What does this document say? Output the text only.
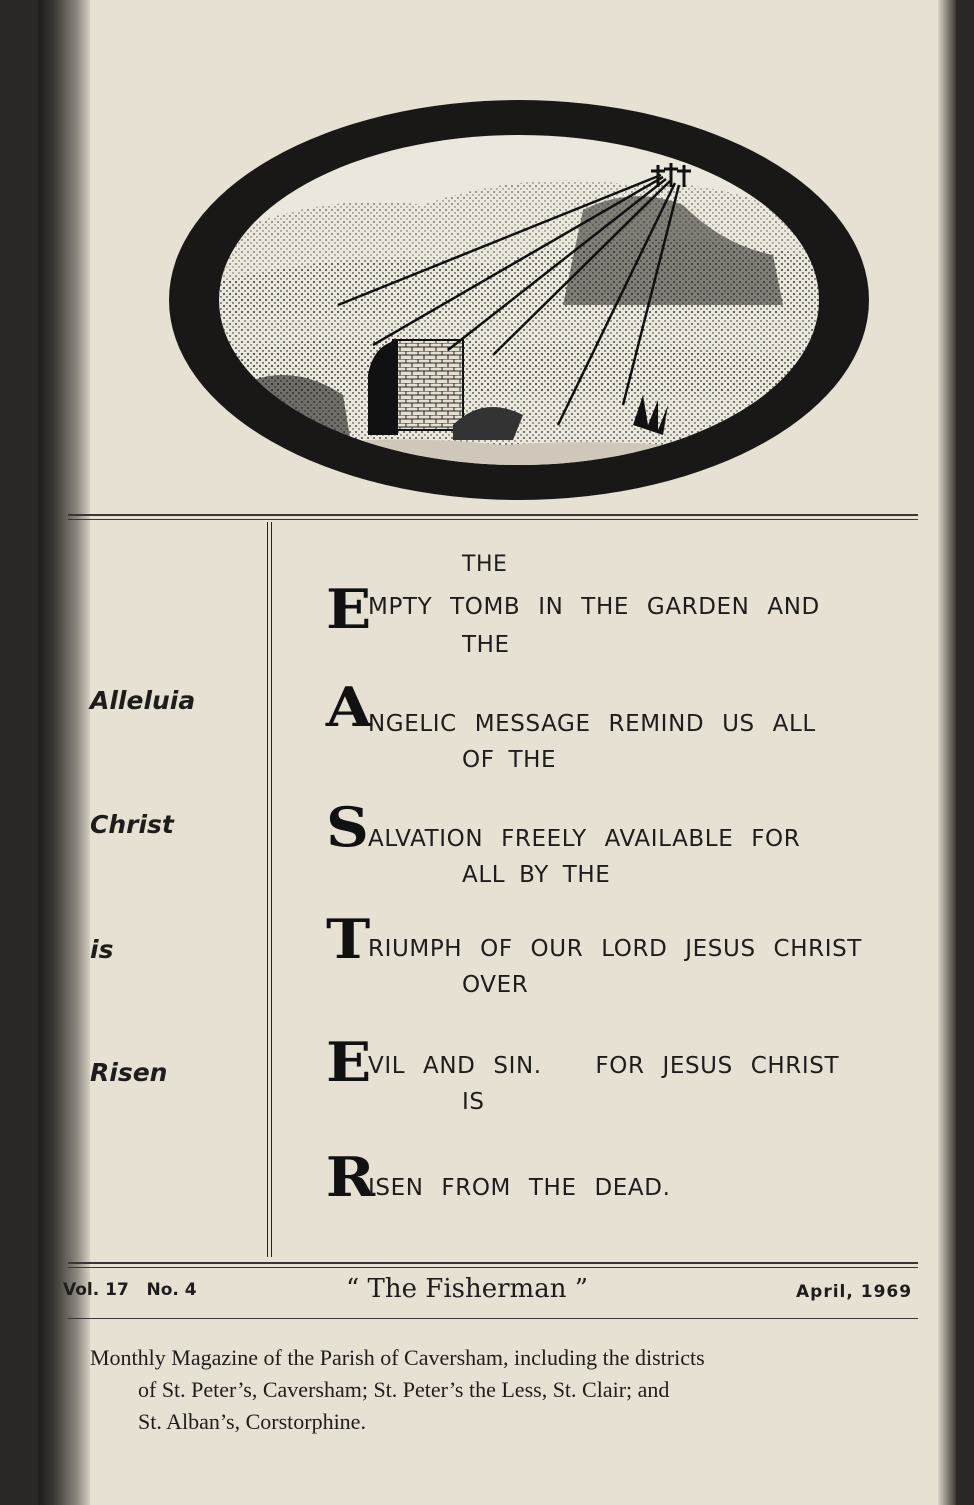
Alleluia
Christ
is
Risen
THE
E
MPTY TOMB IN THE GARDEN AND
THE
A
NGELIC MESSAGE REMIND US ALL
OF THE
S ALVATION FREELY AVAILABLE FOR
ALL BY THE
T
RIUMPH OF OUR LORD JESUS CHRIST
OVER
E
VIL AND SIN.   FOR JESUS CHRIST
IS
R
ISEN FROM THE DEAD.
Vol. 17   No. 4	“ The Fisherman ”	April, 1969
Monthly Magazine of the Parish of Caversham, including the districts
of St. Peter’s, Caversham; St. Peter’s the Less, St. Clair; and
St. Alban’s, Corstorphine.
